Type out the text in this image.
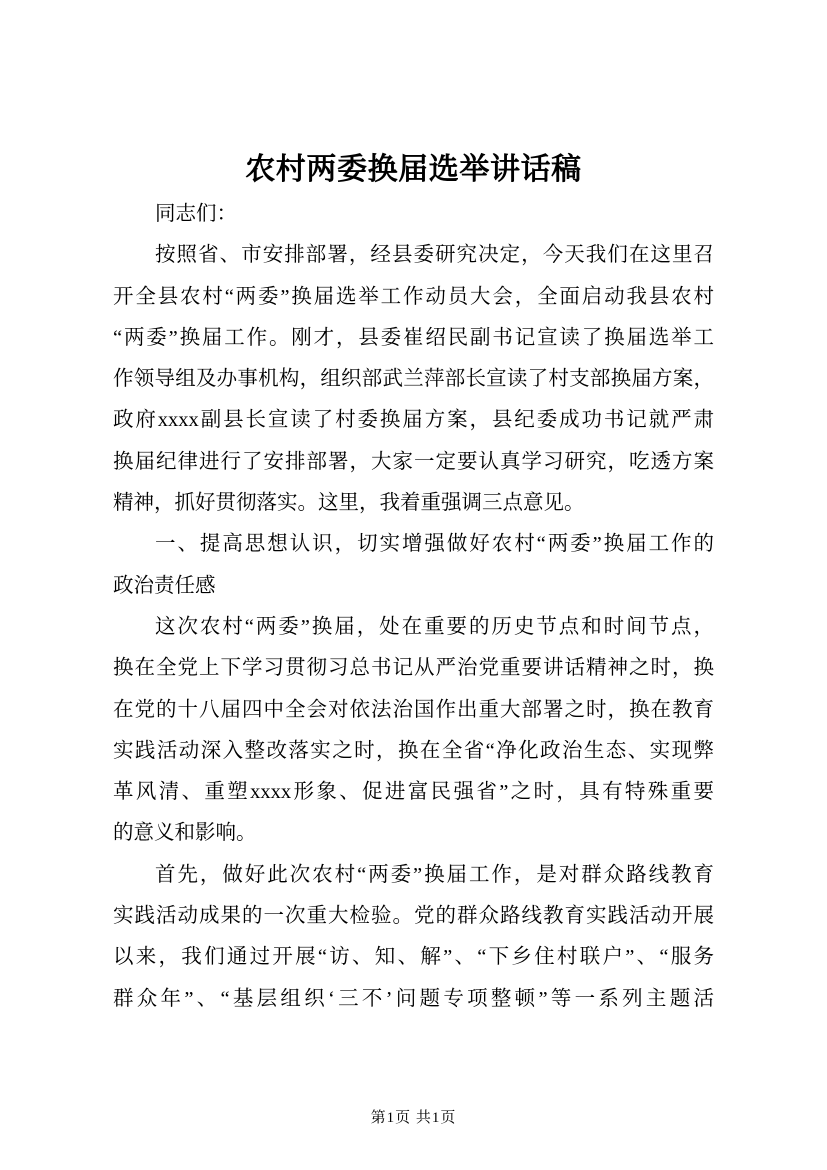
农村两委换届选举讲话稿
同志们：
按照省、市安排部署，经县委研究决定，今天我们在这里召
开全县农村“两委”换届选举工作动员大会，全面启动我县农村
“两委”换届工作。刚才，县委崔绍民副书记宣读了换届选举工
作领导组及办事机构，组织部武兰萍部长宣读了村支部换届方案，
政府xxxx副县长宣读了村委换届方案，县纪委成功书记就严肃
换届纪律进行了安排部署，大家一定要认真学习研究，吃透方案
精神，抓好贯彻落实。这里，我着重强调三点意见。
一、提高思想认识，切实增强做好农村“两委”换届工作的
政治责任感
这次农村“两委”换届，处在重要的历史节点和时间节点，
换在全党上下学习贯彻习总书记从严治党重要讲话精神之时，换
在党的十八届四中全会对依法治国作出重大部署之时，换在教育
实践活动深入整改落实之时，换在全省“净化政治生态、实现弊
革风清、重塑xxxx形象、促进富民强省”之时，具有特殊重要
的意义和影响。
首先，做好此次农村“两委”换届工作，是对群众路线教育
实践活动成果的一次重大检验。党的群众路线教育实践活动开展
以来，我们通过开展“访、知、解”、“下乡住村联户”、“服务
群众年”、“基层组织‘三不’问题专项整顿”等一系列主题活
第1页 共1页
